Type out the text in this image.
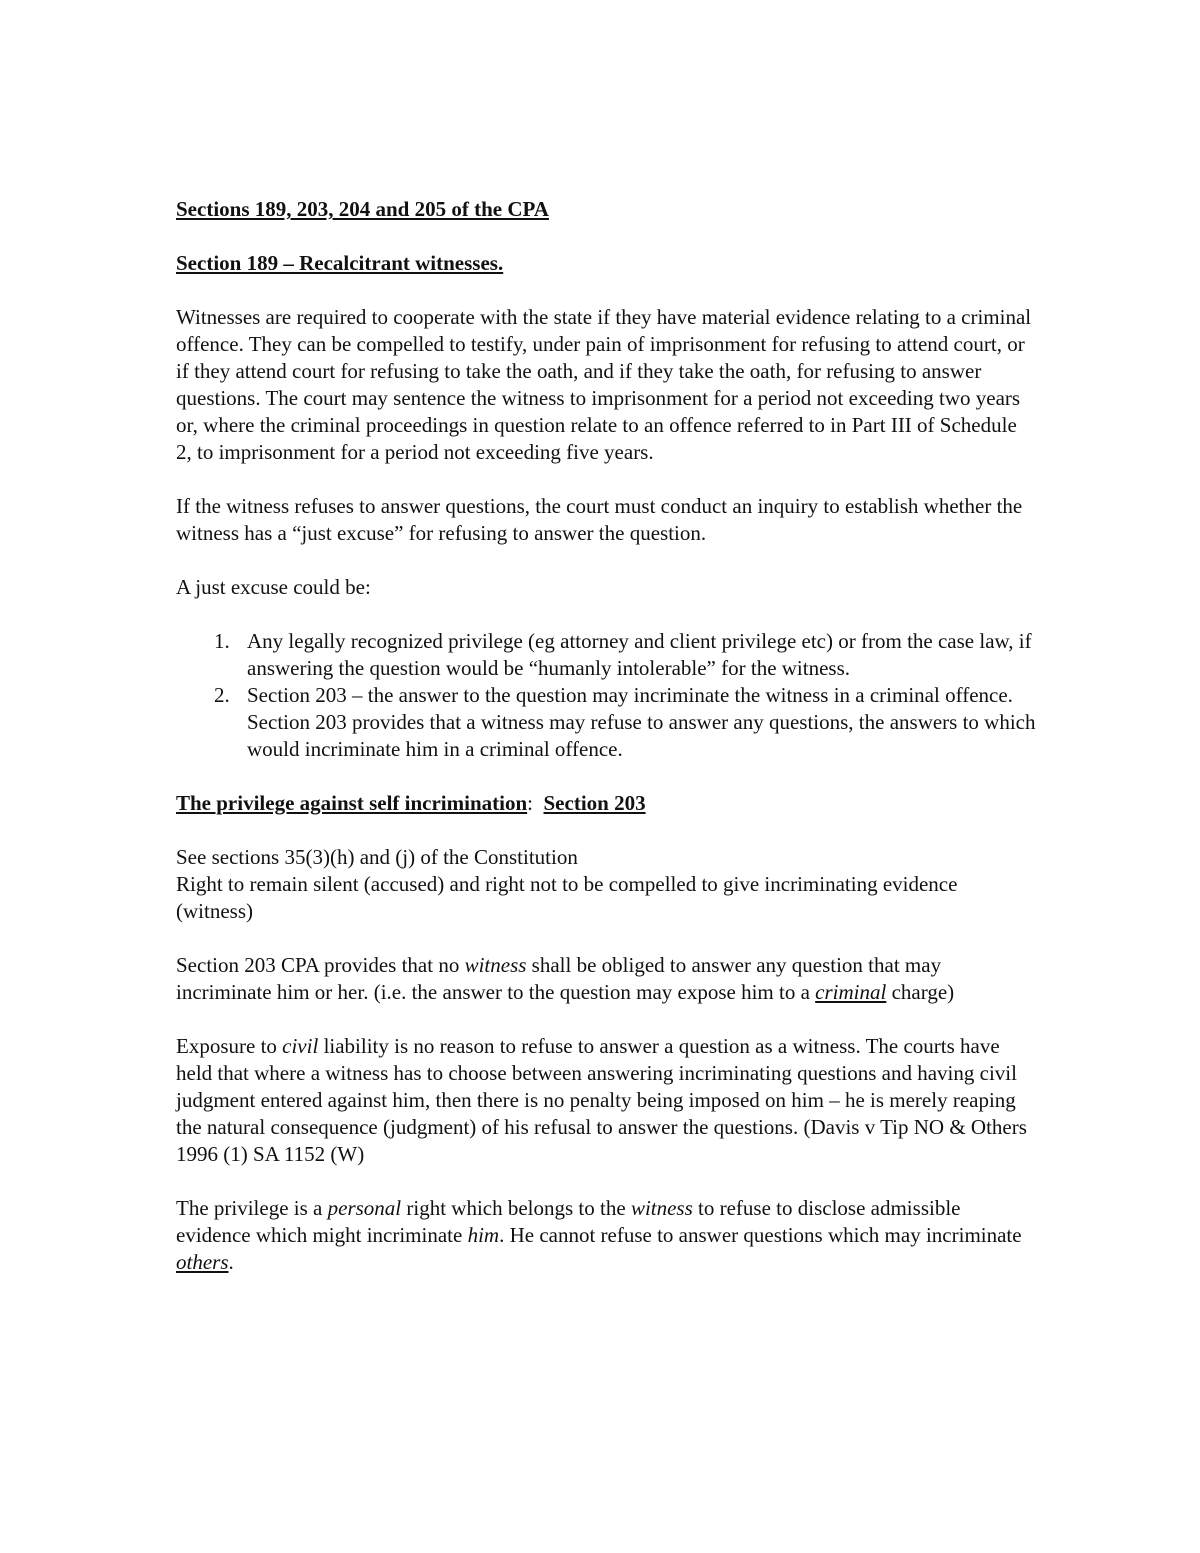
Sections 189, 203, 204 and 205 of the CPA

Section 189 – Recalcitrant witnesses.

Witnesses are required to cooperate with the state if they have material evidence relating to a criminal offence. They can be compelled to testify, under pain of imprisonment for refusing to attend court, or if they attend court for refusing to take the oath, and if they take the oath, for refusing to answer questions. The court may sentence the witness to imprisonment for a period not exceeding two years or, where the criminal proceedings in question relate to an offence referred to in Part III of Schedule 2, to imprisonment for a period not exceeding five years.

If the witness refuses to answer questions, the court must conduct an inquiry to establish whether the witness has a “just excuse” for refusing to answer the question.

A just excuse could be:

1. Any legally recognized privilege (eg attorney and client privilege etc) or from the case law, if answering the question would be “humanly intolerable” for the witness.
2. Section 203 – the answer to the question may incriminate the witness in a criminal offence. Section 203 provides that a witness may refuse to answer any questions, the answers to which would incriminate him in a criminal offence.

The privilege against self incrimination: Section 203

See sections 35(3)(h) and (j) of the Constitution

Right to remain silent (accused) and right not to be compelled to give incriminating evidence (witness)

Section 203 CPA provides that no witness shall be obliged to answer any question that may incriminate him or her. (i.e. the answer to the question may expose him to a criminal charge)

Exposure to civil liability is no reason to refuse to answer a question as a witness. The courts have held that where a witness has to choose between answering incriminating questions and having civil judgment entered against him, then there is no penalty being imposed on him – he is merely reaping the natural consequence (judgment) of his refusal to answer the questions. (Davis v Tip NO & Others 1996 (1) SA 1152 (W)

The privilege is a personal right which belongs to the witness to refuse to disclose admissible evidence which might incriminate him. He cannot refuse to answer questions which may incriminate others.
